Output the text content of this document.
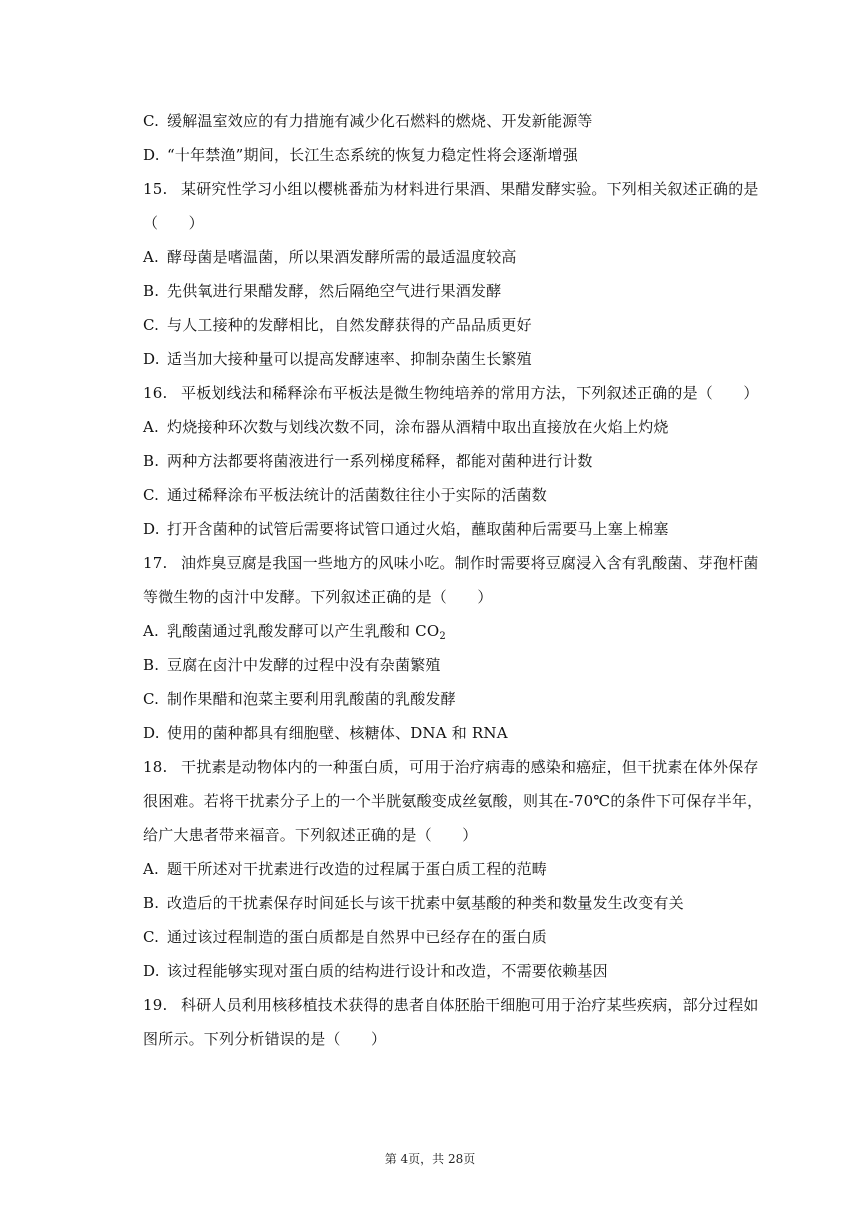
C. 缓解温室效应的有力措施有减少化石燃料的燃烧、开发新能源等
D. “十年禁渔”期间，长江生态系统的恢复力稳定性将会逐渐增强
15. 某研究性学习小组以樱桃番茄为材料进行果酒、果醋发酵实验。下列相关叙述正确的是
（　　）
A. 酵母菌是嗜温菌，所以果酒发酵所需的最适温度较高
B. 先供氧进行果醋发酵，然后隔绝空气进行果酒发酵
C. 与人工接种的发酵相比，自然发酵获得的产品品质更好
D. 适当加大接种量可以提高发酵速率、抑制杂菌生长繁殖
16. 平板划线法和稀释涂布平板法是微生物纯培养的常用方法，下列叙述正确的是（　　）
A. 灼烧接种环次数与划线次数不同，涂布器从酒精中取出直接放在火焰上灼烧
B. 两种方法都要将菌液进行一系列梯度稀释，都能对菌种进行计数
C. 通过稀释涂布平板法统计的活菌数往往小于实际的活菌数
D. 打开含菌种的试管后需要将试管口通过火焰，蘸取菌种后需要马上塞上棉塞
17. 油炸臭豆腐是我国一些地方的风味小吃。制作时需要将豆腐浸入含有乳酸菌、芽孢杆菌
等微生物的卤汁中发酵。下列叙述正确的是（　　）
A. 乳酸菌通过乳酸发酵可以产生乳酸和 $CO_2$
B. 豆腐在卤汁中发酵的过程中没有杂菌繁殖
C. 制作果醋和泡菜主要利用乳酸菌的乳酸发酵
D. 使用的菌种都具有细胞壁、核糖体、DNA 和 RNA
18. 干扰素是动物体内的一种蛋白质，可用于治疗病毒的感染和癌症，但干扰素在体外保存
很困难。若将干扰素分子上的一个半胱氨酸变成丝氨酸，则其在-70℃的条件下可保存半年，
给广大患者带来福音。下列叙述正确的是（　　）
A. 题干所述对干扰素进行改造的过程属于蛋白质工程的范畴
B. 改造后的干扰素保存时间延长与该干扰素中氨基酸的种类和数量发生改变有关
C. 通过该过程制造的蛋白质都是自然界中已经存在的蛋白质
D. 该过程能够实现对蛋白质的结构进行设计和改造，不需要依赖基因
19. 科研人员利用核移植技术获得的患者自体胚胎干细胞可用于治疗某些疾病，部分过程如
图所示。下列分析错误的是（　　）
第 4页，共 28页
